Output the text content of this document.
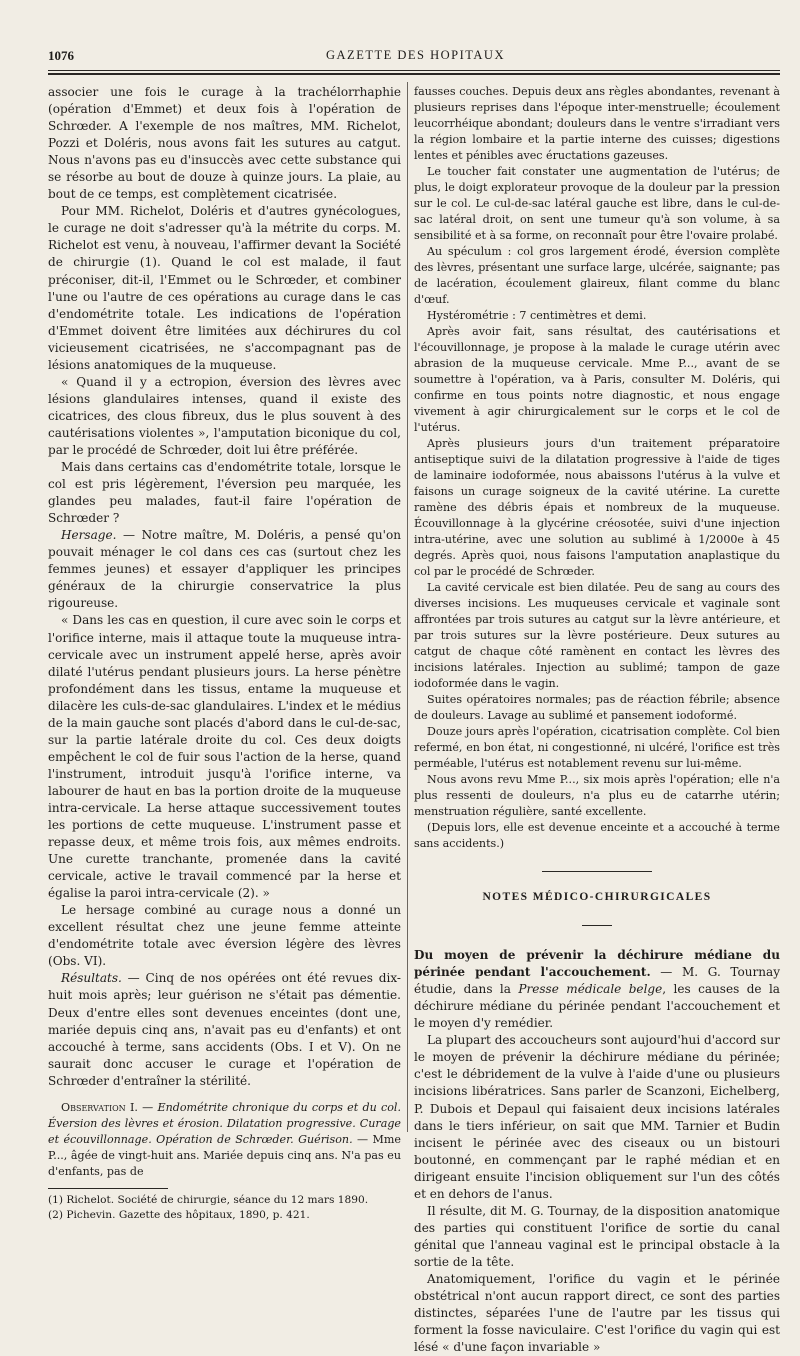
1076	GAZETTE DES HOPITAUX

associer une fois le curage à la trachélorrhaphie (opération d'Emmet) et deux fois à l'opération de Schrœder. A l'exemple de nos maîtres, MM. Richelot, Pozzi et Doléris, nous avons fait les sutures au catgut. Nous n'avons pas eu d'insuccès avec cette substance qui se résorbe au bout de douze à quinze jours. La plaie, au bout de ce temps, est complètement cicatrisée.

Pour MM. Richelot, Doléris et d'autres gynécologues, le curage ne doit s'adresser qu'à la métrite du corps. M. Richelot est venu, à nouveau, l'affirmer devant la Société de chirurgie (1). Quand le col est malade, il faut préconiser, dit-il, l'Emmet ou le Schrœder, et combiner l'une ou l'autre de ces opérations au curage dans le cas d'endométrite totale. Les indications de l'opération d'Emmet doivent être limitées aux déchirures du col vicieusement cicatrisées, ne s'accompagnant pas de lésions anatomiques de la muqueuse.

« Quand il y a ectropion, éversion des lèvres avec lésions glandulaires intenses, quand il existe des cicatrices, des clous fibreux, dus le plus souvent à des cautérisations violentes », l'amputation biconique du col, par le procédé de Schrœder, doit lui être préférée.

Mais dans certains cas d'endométrite totale, lorsque le col est pris légèrement, l'éversion peu marquée, les glandes peu malades, faut-il faire l'opération de Schrœder ?

Hersage. — Notre maître, M. Doléris, a pensé qu'on pouvait ménager le col dans ces cas (surtout chez les femmes jeunes) et essayer d'appliquer les principes généraux de la chirurgie conservatrice la plus rigoureuse.

« Dans les cas en question, il cure avec soin le corps et l'orifice interne, mais il attaque toute la muqueuse intra-cervicale avec un instrument appelé herse, après avoir dilaté l'utérus pendant plusieurs jours. La herse pénètre profondément dans les tissus, entame la muqueuse et dilacère les culs-de-sac glandulaires. L'index et le médius de la main gauche sont placés d'abord dans le cul-de-sac, sur la partie latérale droite du col. Ces deux doigts empêchent le col de fuir sous l'action de la herse, quand l'instrument, introduit jusqu'à l'orifice interne, va labourer de haut en bas la portion droite de la muqueuse intra-cervicale. La herse attaque successivement toutes les portions de cette muqueuse. L'instrument passe et repasse deux, et même trois fois, aux mêmes endroits. Une curette tranchante, promenée dans la cavité cervicale, active le travail commencé par la herse et égalise la paroi intra-cervicale (2). »

Le hersage combiné au curage nous a donné un excellent résultat chez une jeune femme atteinte d'endométrite totale avec éversion légère des lèvres (Obs. VI).

Résultats. — Cinq de nos opérées ont été revues dix-huit mois après; leur guérison ne s'était pas démentie. Deux d'entre elles sont devenues enceintes (dont une, mariée depuis cinq ans, n'avait pas eu d'enfants) et ont accouché à terme, sans accidents (Obs. I et V). On ne saurait donc accuser le curage et l'opération de Schrœder d'entraîner la stérilité.

Observation I. — Endométrite chronique du corps et du col. Éversion des lèvres et érosion. Dilatation progressive. Curage et écouvillonnage. Opération de Schrœder. Guérison. — Mme P..., âgée de vingt-huit ans. Mariée depuis cinq ans. N'a pas eu d'enfants, pas de

(1) Richelot. Société de chirurgie, séance du 12 mars 1890.
(2) Pichevin. Gazette des hôpitaux, 1890, p. 421.

fausses couches. Depuis deux ans règles abondantes, revenant à plusieurs reprises dans l'époque inter-menstruelle; écoulement leucorrhéique abondant; douleurs dans le ventre s'irradiant vers la région lombaire et la partie interne des cuisses; digestions lentes et pénibles avec éructations gazeuses.

Le toucher fait constater une augmentation de l'utérus; de plus, le doigt explorateur provoque de la douleur par la pression sur le col. Le cul-de-sac latéral gauche est libre, dans le cul-de-sac latéral droit, on sent une tumeur qu'à son volume, à sa sensibilité et à sa forme, on reconnaît pour être l'ovaire prolabé.

Au spéculum : col gros largement érodé, éversion complète des lèvres, présentant une surface large, ulcérée, saignante; pas de lacération, écoulement glaireux, filant comme du blanc d'œuf.

Hystérométrie : 7 centimètres et demi.

Après avoir fait, sans résultat, des cautérisations et l'écouvillonnage, je propose à la malade le curage utérin avec abrasion de la muqueuse cervicale. Mme P..., avant de se soumettre à l'opération, va à Paris, consulter M. Doléris, qui confirme en tous points notre diagnostic, et nous engage vivement à agir chirurgicalement sur le corps et le col de l'utérus.

Après plusieurs jours d'un traitement préparatoire antiseptique suivi de la dilatation progressive à l'aide de tiges de laminaire iodoformée, nous abaissons l'utérus à la vulve et faisons un curage soigneux de la cavité utérine. La curette ramène des débris épais et nombreux de la muqueuse. Écouvillonnage à la glycérine créosotée, suivi d'une injection intra-utérine, avec une solution au sublimé à 1/2000e à 45 degrés. Après quoi, nous faisons l'amputation anaplastique du col par le procédé de Schrœder.

La cavité cervicale est bien dilatée. Peu de sang au cours des diverses incisions. Les muqueuses cervicale et vaginale sont affrontées par trois sutures au catgut sur la lèvre antérieure, et par trois sutures sur la lèvre postérieure. Deux sutures au catgut de chaque côté ramènent en contact les lèvres des incisions latérales. Injection au sublimé; tampon de gaze iodoformée dans le vagin.

Suites opératoires normales; pas de réaction fébrile; absence de douleurs. Lavage au sublimé et pansement iodoformé.

Douze jours après l'opération, cicatrisation complète. Col bien refermé, en bon état, ni congestionné, ni ulcéré, l'orifice est très perméable, l'utérus est notablement revenu sur lui-même.

Nous avons revu Mme P..., six mois après l'opération; elle n'a plus ressenti de douleurs, n'a plus eu de catarrhe utérin; menstruation régulière, santé excellente.

(Depuis lors, elle est devenue enceinte et a accouché à terme sans accidents.)

NOTES MÉDICO-CHIRURGICALES

Du moyen de prévenir la déchirure médiane du périnée pendant l'accouchement. — M. G. Tournay étudie, dans la Presse médicale belge, les causes de la déchirure médiane du périnée pendant l'accouchement et le moyen d'y remédier.

La plupart des accoucheurs sont aujourd'hui d'accord sur le moyen de prévenir la déchirure médiane du périnée; c'est le débridement de la vulve à l'aide d'une ou plusieurs incisions libératrices. Sans parler de Scanzoni, Eichelberg, P. Dubois et Depaul qui faisaient deux incisions latérales dans le tiers inférieur, on sait que MM. Tarnier et Budin incisent le périnée avec des ciseaux ou un bistouri boutonné, en commençant par le raphé médian et en dirigeant ensuite l'incision obliquement sur l'un des côtés et en dehors de l'anus.

Il résulte, dit M. G. Tournay, de la disposition anatomique des parties qui constituent l'orifice de sortie du canal génital que l'anneau vaginal est le principal obstacle à la sortie de la tête.

Anatomiquement, l'orifice du vagin et le périnée obstétrical n'ont aucun rapport direct, ce sont des parties distinctes, séparées l'une de l'autre par les tissus qui forment la fosse naviculaire. C'est l'orifice du vagin qui est lésé « d'une façon invariable »
